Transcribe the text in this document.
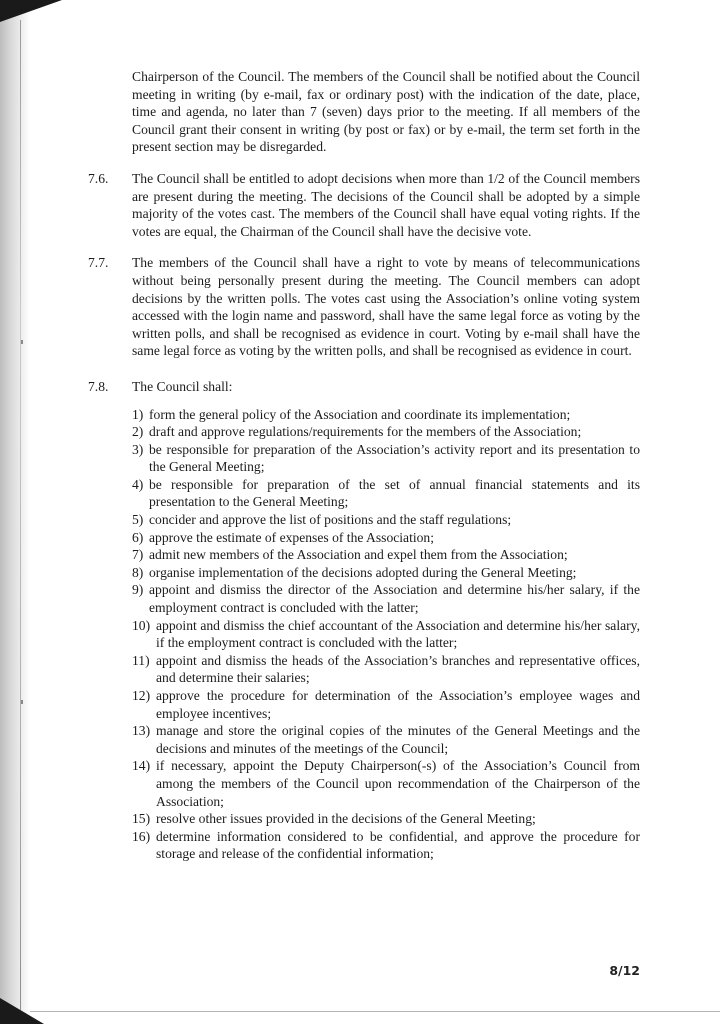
Chairperson of the Council. The members of the Council shall be notified about the Council meeting in writing (by e-mail, fax or ordinary post) with the indication of the date, place, time and agenda, no later than 7 (seven) days prior to the meeting. If all members of the Council grant their consent in writing (by post or fax) or by e-mail, the term set forth in the present section may be disregarded.

7.6. The Council shall be entitled to adopt decisions when more than 1/2 of the Council members are present during the meeting. The decisions of the Council shall be adopted by a simple majority of the votes cast. The members of the Council shall have equal voting rights. If the votes are equal, the Chairman of the Council shall have the decisive vote.

7.7. The members of the Council shall have a right to vote by means of telecommunications without being personally present during the meeting. The Council members can adopt decisions by the written polls. The votes cast using the Association’s online voting system accessed with the login name and password, shall have the same legal force as voting by the written polls, and shall be recognised as evidence in court. Voting by e-mail shall have the same legal force as voting by the written polls, and shall be recognised as evidence in court.

7.8. The Council shall:

1) form the general policy of the Association and coordinate its implementation;
2) draft and approve regulations/requirements for the members of the Association;
3) be responsible for preparation of the Association’s activity report and its presentation to the General Meeting;
4) be responsible for preparation of the set of annual financial statements and its presentation to the General Meeting;
5) concider and approve the list of positions and the staff regulations;
6) approve the estimate of expenses of the Association;
7) admit new members of the Association and expel them from the Association;
8) organise implementation of the decisions adopted during the General Meeting;
9) appoint and dismiss the director of the Association and determine his/her salary, if the employment contract is concluded with the latter;
10) appoint and dismiss the chief accountant of the Association and determine his/her salary, if the employment contract is concluded with the latter;
11) appoint and dismiss the heads of the Association’s branches and representative offices, and determine their salaries;
12) approve the procedure for determination of the Association’s employee wages and employee incentives;
13) manage and store the original copies of the minutes of the General Meetings and the decisions and minutes of the meetings of the Council;
14) if necessary, appoint the Deputy Chairperson(-s) of the Association’s Council from among the members of the Council upon recommendation of the Chairperson of the Association;
15) resolve other issues provided in the decisions of the General Meeting;
16) determine information considered to be confidential, and approve the procedure for storage and release of the confidential information;
8/12
